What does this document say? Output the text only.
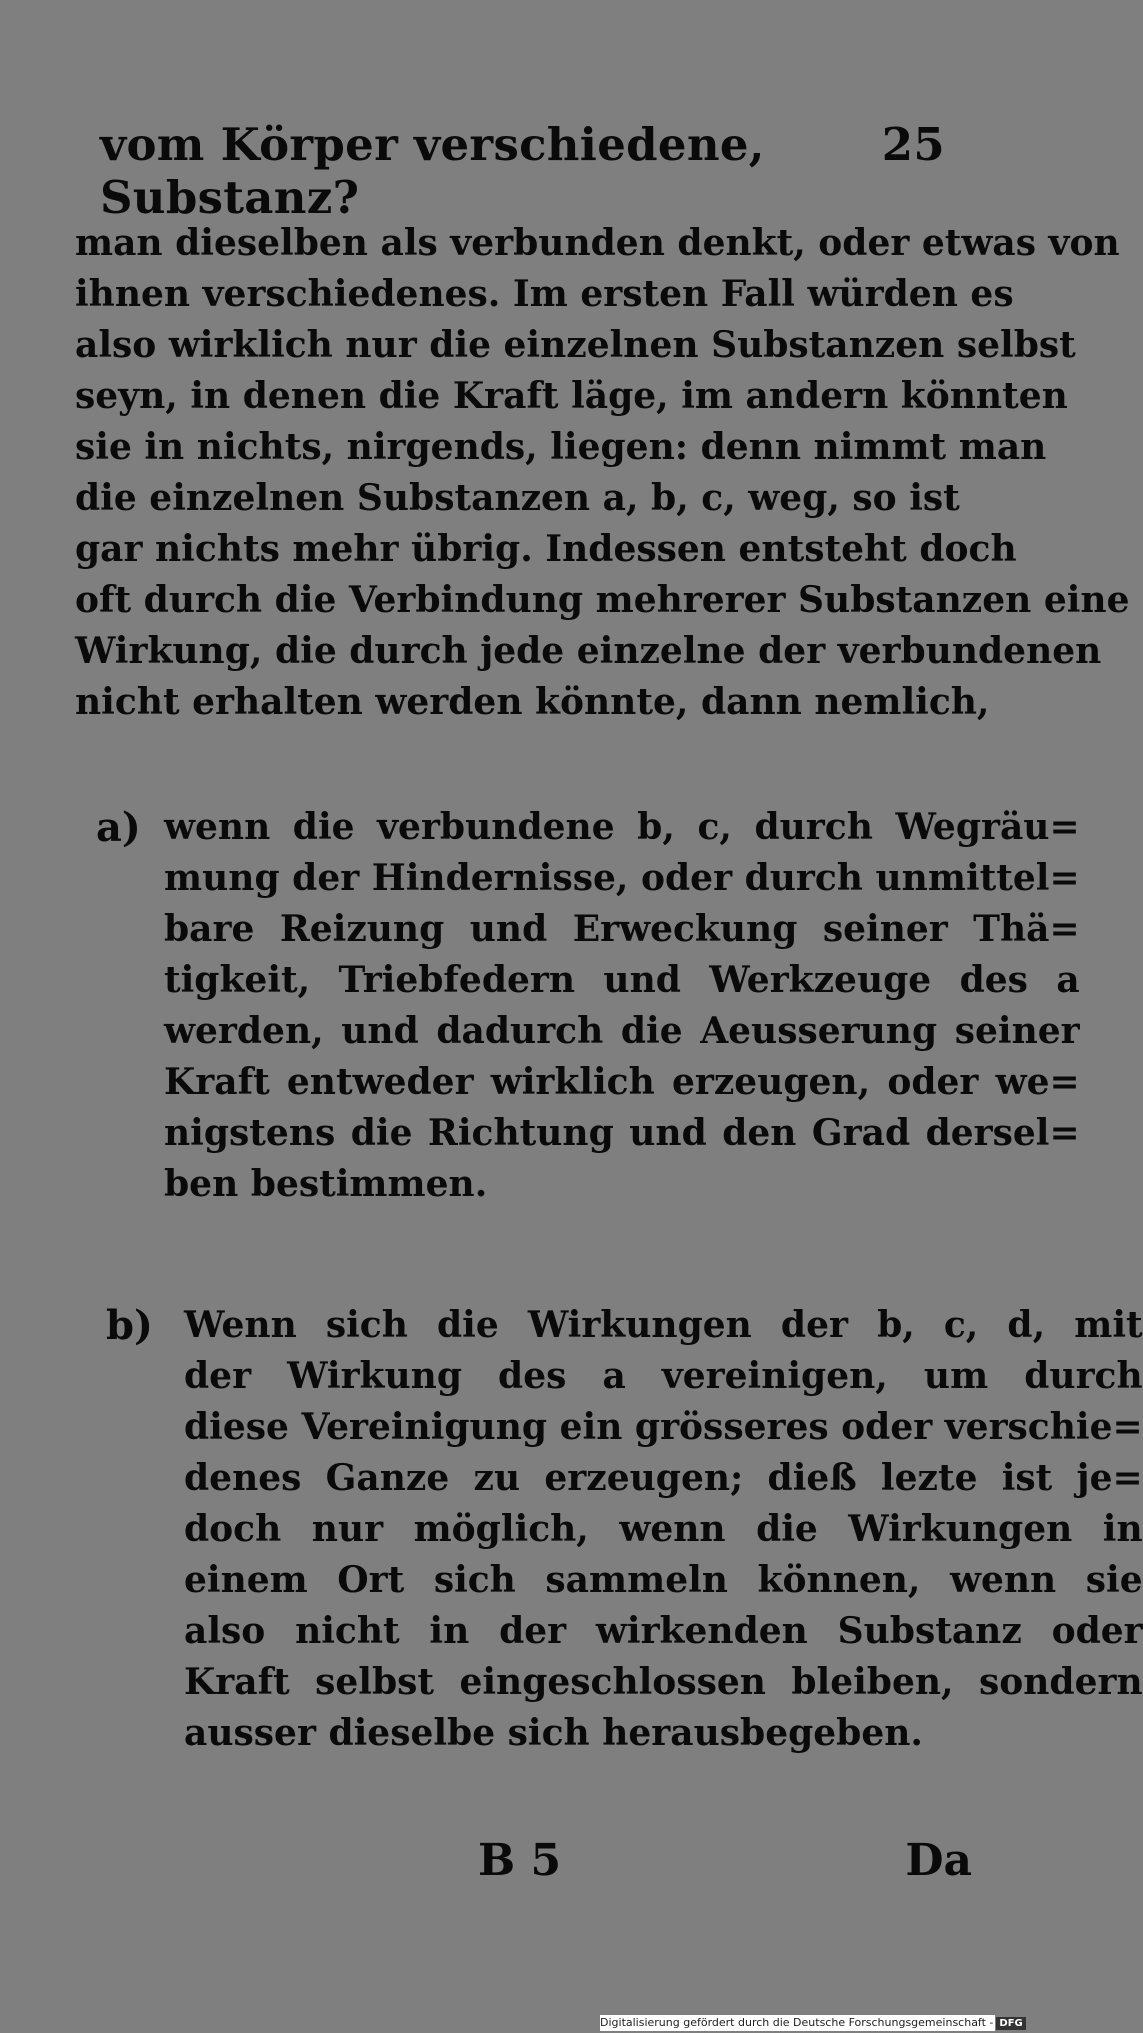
vom Körper verschiedene, Substanz?
25
man dieselben als verbunden denkt, oder etwas von
ihnen verschiedenes. Im ersten Fall würden es
also wirklich nur die einzelnen Substanzen selbst
seyn, in denen die Kraft läge, im andern könnten
sie in nichts, nirgends, liegen: denn nimmt man
die einzelnen Substanzen a, b, c, weg, so ist
gar nichts mehr übrig. Indessen entsteht doch
oft durch die Verbindung mehrerer Substanzen eine
Wirkung, die durch jede einzelne der verbundenen
nicht erhalten werden könnte, dann nemlich,
a) wenn die verbundene b, c, durch Wegräu=
mung der Hindernisse, oder durch unmittel=
bare Reizung und Erweckung seiner Thä=
tigkeit, Triebfedern und Werkzeuge des a
werden, und dadurch die Aeusserung seiner
Kraft entweder wirklich erzeugen, oder we=
nigstens die Richtung und den Grad dersel=
ben bestimmen.
b) Wenn sich die Wirkungen der b, c, d, mit
der Wirkung des a vereinigen, um durch
diese Vereinigung ein grösseres oder verschie=
denes Ganze zu erzeugen; dieß lezte ist je=
doch nur möglich, wenn die Wirkungen in
einem Ort sich sammeln können, wenn sie
also nicht in der wirkenden Substanz oder
Kraft selbst eingeschlossen bleiben, sondern
ausser dieselbe sich herausbegeben.
B 5	Da
Digitalisierung gefördert durch die Deutsche Forschungsgemeinschaft - DFG
